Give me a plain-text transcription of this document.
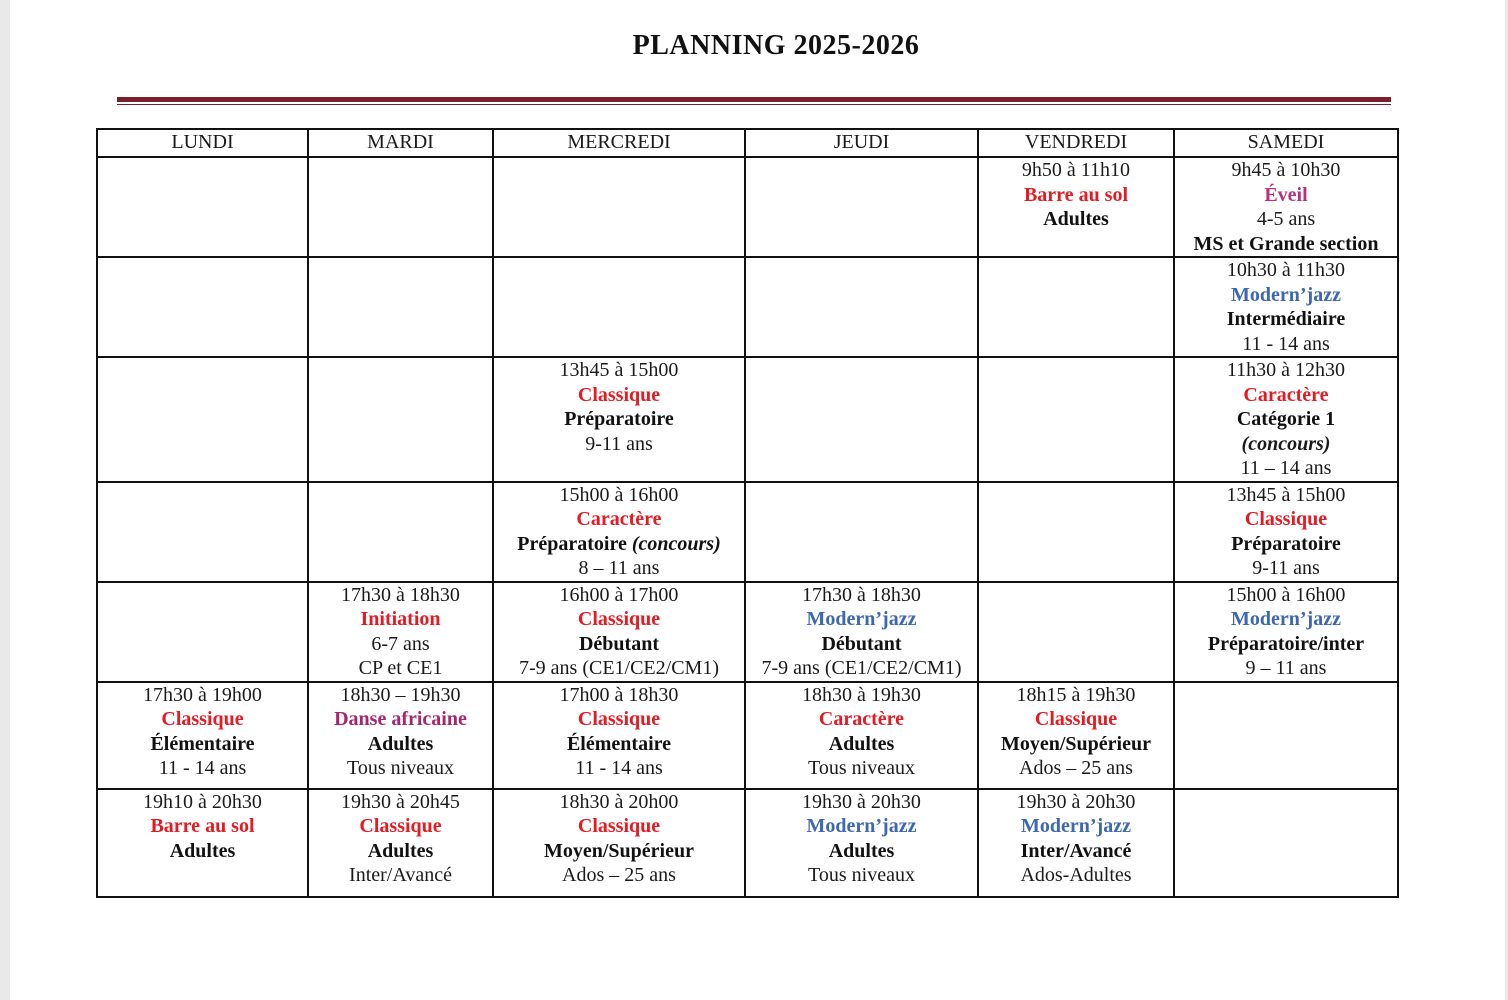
PLANNING 2025-2026
LUNDI	MARDI	MERCREDI	JEUDI	VENDREDI	SAMEDI

				9h50 à 11h10
Barre au sol
Adultes	9h45 à 10h30
Éveil
4-5 ans
MS et Grande section

					10h30 à 11h30
Modern’jazz
Intermédiaire
11 - 14 ans

		13h45 à 15h00
Classique
Préparatoire
9-11 ans			11h30 à 12h30
Caractère
Catégorie 1
(concours)
11 – 14 ans

		15h00 à 16h00
Caractère
Préparatoire (concours)
8 – 11 ans			13h45 à 15h00
Classique
Préparatoire
9-11 ans

	17h30 à 18h30
Initiation
6-7 ans
CP et CE1	16h00 à 17h00
Classique
Débutant
7-9 ans (CE1/CE2/CM1)	17h30 à 18h30
Modern’jazz
Débutant
7-9 ans (CE1/CE2/CM1)		15h00 à 16h00
Modern’jazz
Préparatoire/inter
9 – 11 ans

17h30 à 19h00
Classique
Élémentaire
11 - 14 ans	18h30 – 19h30
Danse africaine
Adultes
Tous niveaux	17h00 à 18h30
Classique
Élémentaire
11 - 14 ans	18h30 à 19h30
Caractère
Adultes
Tous niveaux	18h15 à 19h30
Classique
Moyen/Supérieur
Ados – 25 ans	

19h10 à 20h30
Barre au sol
Adultes	19h30 à 20h45
Classique
Adultes
Inter/Avancé	18h30 à 20h00
Classique
Moyen/Supérieur
Ados – 25 ans	19h30 à 20h30
Modern’jazz
Adultes
Tous niveaux	19h30 à 20h30
Modern’jazz
Inter/Avancé
Ados-Adultes	
